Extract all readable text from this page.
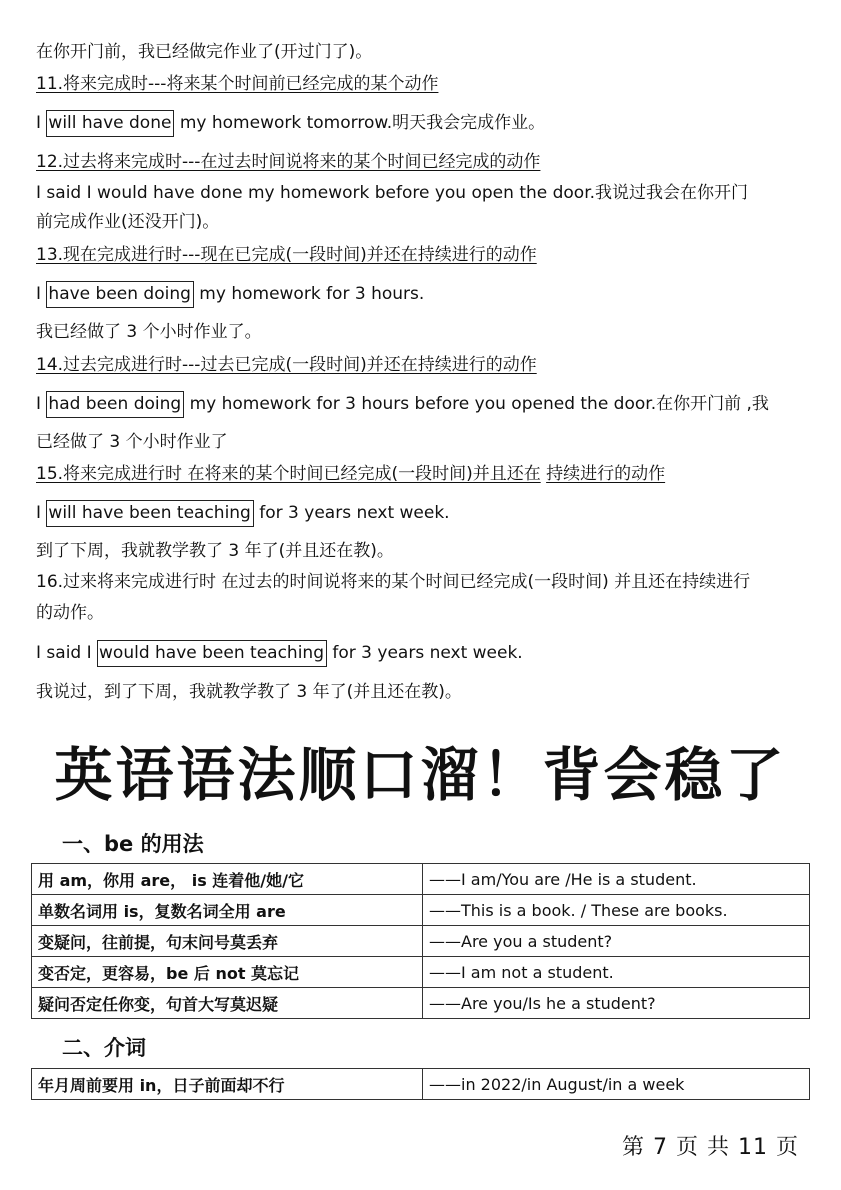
在你开门前，我已经做完作业了(开过门了)。
11.将来完成时---将来某个时间前已经完成的某个动作
I will have done my homework tomorrow.明天我会完成作业。
12.过去将来完成时---在过去时间说将来的某个时间已经完成的动作
I said I would have done my homework before you open the door.我说过我会在你开门
前完成作业(还没开门)。
13.现在完成进行时---现在已完成(一段时间)并还在持续进行的动作
I have been doing my homework for 3 hours.
我已经做了 3 个小时作业了。
14.过去完成进行时---过去已完成(一段时间)并还在持续进行的动作
I had been doing my homework for 3 hours before you opened the door.在你开门前 ,我
已经做了 3 个小时作业了
15.将来完成进行时 在将来的某个时间已经完成(一段时间)并且还在 持续进行的动作
I will have been teaching for 3 years next week.
到了下周，我就教学教了 3 年了(并且还在教)。
16.过来将来完成进行时 在过去的时间说将来的某个时间已经完成(一段时间) 并且还在持续进行
的动作。
I said I would have been teaching for 3 years next week.
我说过，到了下周，我就教学教了 3 年了(并且还在教)。
英语语法顺口溜！背会稳了
一、be 的用法
用 am，你用 are， is 连着他/她/它	——I am/You are /He is a student.
单数名词用 is，复数名词全用 are	——This is a book. / These are books.
变疑问，往前提，句末问号莫丢弃	——Are you a student?
变否定，更容易，be 后 not 莫忘记	——I am not a student.
疑问否定任你变，句首大写莫迟疑	——Are you/Is he a student?
二、介词
年月周前要用 in，日子前面却不行	——in 2022/in August/in a week
第 7 页 共 11 页
